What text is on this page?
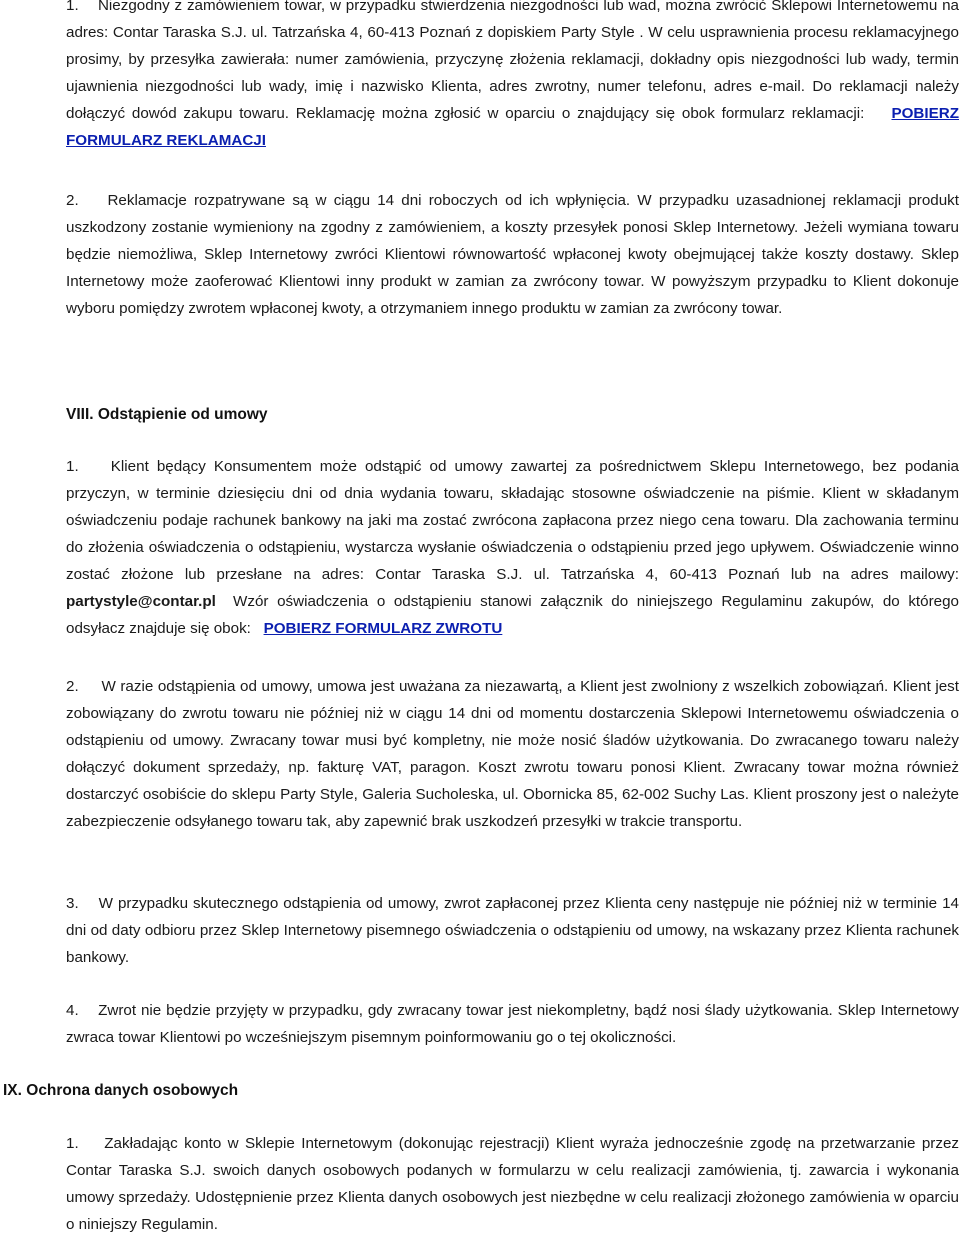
1. Niezgodny z zamówieniem towar, w przypadku stwierdzenia niezgodności lub wad, można zwrócić Sklepowi Internetowemu na adres: Contar Taraska S.J. ul. Tatrzańska 4, 60-413 Poznań z dopiskiem Party Style . W celu usprawnienia procesu reklamacyjnego prosimy, by przesyłka zawierała: numer zamówienia, przyczynę złożenia reklamacji, dokładny opis niezgodności lub wady, termin ujawnienia niezgodności lub wady, imię i nazwisko Klienta, adres zwrotny, numer telefonu, adres e-mail. Do reklamacji należy dołączyć dowód zakupu towaru. Reklamację można zgłosić w oparciu o znajdujący się obok formularz reklamacji: POBIERZ FORMULARZ REKLAMACJI

2. Reklamacje rozpatrywane są w ciągu 14 dni roboczych od ich wpłynięcia. W przypadku uzasadnionej reklamacji produkt uszkodzony zostanie wymieniony na zgodny z zamówieniem, a koszty przesyłek ponosi Sklep Internetowy. Jeżeli wymiana towaru będzie niemożliwa, Sklep Internetowy zwróci Klientowi równowartość wpłaconej kwoty obejmującej także koszty dostawy. Sklep Internetowy może zaoferować Klientowi inny produkt w zamian za zwrócony towar. W powyższym przypadku to Klient dokonuje wyboru pomiędzy zwrotem wpłaconej kwoty, a otrzymaniem innego produktu w zamian za zwrócony towar.

VIII. Odstąpienie od umowy

1. Klient będący Konsumentem może odstąpić od umowy zawartej za pośrednictwem Sklepu Internetowego, bez podania przyczyn, w terminie dziesięciu dni od dnia wydania towaru, składając stosowne oświadczenie na piśmie. Klient w składanym oświadczeniu podaje rachunek bankowy na jaki ma zostać zwrócona zapłacona przez niego cena towaru. Dla zachowania terminu do złożenia oświadczenia o odstąpieniu, wystarcza wysłanie oświadczenia o odstąpieniu przed jego upływem. Oświadczenie winno zostać złożone lub przesłane na adres: Contar Taraska S.J. ul. Tatrzańska 4, 60-413 Poznań lub na adres mailowy: partystyle@contar.pl Wzór oświadczenia o odstąpieniu stanowi załącznik do niniejszego Regulaminu zakupów, do którego odsyłacz znajduje się obok: POBIERZ FORMULARZ ZWROTU

2. W razie odstąpienia od umowy, umowa jest uważana za niezawartą, a Klient jest zwolniony z wszelkich zobowiązań. Klient jest zobowiązany do zwrotu towaru nie później niż w ciągu 14 dni od momentu dostarczenia Sklepowi Internetowemu oświadczenia o odstąpieniu od umowy. Zwracany towar musi być kompletny, nie może nosić śladów użytkowania. Do zwracanego towaru należy dołączyć dokument sprzedaży, np. fakturę VAT, paragon. Koszt zwrotu towaru ponosi Klient. Zwracany towar można również dostarczyć osobiście do sklepu Party Style, Galeria Sucholeska, ul. Obornicka 85, 62-002 Suchy Las. Klient proszony jest o należyte zabezpieczenie odsyłanego towaru tak, aby zapewnić brak uszkodzeń przesyłki w trakcie transportu.

3. W przypadku skutecznego odstąpienia od umowy, zwrot zapłaconej przez Klienta ceny następuje nie później niż w terminie 14 dni od daty odbioru przez Sklep Internetowy pisemnego oświadczenia o odstąpieniu od umowy, na wskazany przez Klienta rachunek bankowy.

4. Zwrot nie będzie przyjęty w przypadku, gdy zwracany towar jest niekompletny, bądź nosi ślady użytkowania. Sklep Internetowy zwraca towar Klientowi po wcześniejszym pisemnym poinformowaniu go o tej okoliczności.

IX. Ochrona danych osobowych

1. Zakładając konto w Sklepie Internetowym (dokonując rejestracji) Klient wyraża jednocześnie zgodę na przetwarzanie przez Contar Taraska S.J. swoich danych osobowych podanych w formularzu w celu realizacji zamówienia, tj. zawarcia i wykonania umowy sprzedaży. Udostępnienie przez Klienta danych osobowych jest niezbędne w celu realizacji złożonego zamówienia w oparciu o niniejszy Regulamin.
